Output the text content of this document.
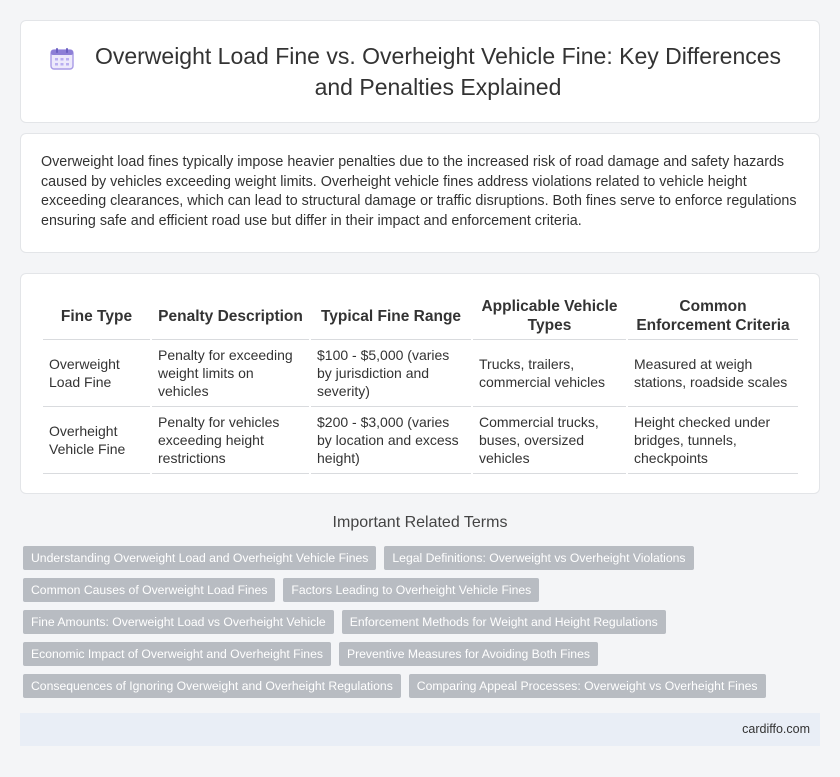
Overweight Load Fine vs. Overheight Vehicle Fine: Key Differences and Penalties Explained

Overweight load fines typically impose heavier penalties due to the increased risk of road damage and safety hazards caused by vehicles exceeding weight limits. Overheight vehicle fines address violations related to vehicle height exceeding clearances, which can lead to structural damage or traffic disruptions. Both fines serve to enforce regulations ensuring safe and efficient road use but differ in their impact and enforcement criteria.

Fine Type	Penalty Description	Typical Fine Range	Applicable Vehicle Types	Common Enforcement Criteria
Overweight Load Fine	Penalty for exceeding weight limits on vehicles	$100 - $5,000 (varies by jurisdiction and severity)	Trucks, trailers, commercial vehicles	Measured at weigh stations, roadside scales
Overheight Vehicle Fine	Penalty for vehicles exceeding height restrictions	$200 - $3,000 (varies by location and excess height)	Commercial trucks, buses, oversized vehicles	Height checked under bridges, tunnels, checkpoints
Important Related Terms
Understanding Overweight Load and Overheight Vehicle Fines	Legal Definitions: Overweight vs Overheight Violations
Common Causes of Overweight Load Fines	Factors Leading to Overheight Vehicle Fines
Fine Amounts: Overweight Load vs Overheight Vehicle	Enforcement Methods for Weight and Height Regulations
Economic Impact of Overweight and Overheight Fines	Preventive Measures for Avoiding Both Fines
Consequences of Ignoring Overweight and Overheight Regulations	Comparing Appeal Processes: Overweight vs Overheight Fines
cardiffo.com
